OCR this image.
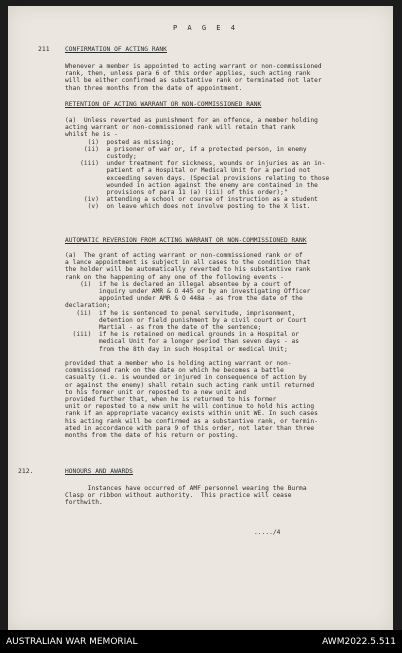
P A G E 4
211 CONFIRMATION OF ACTING RANK
Whenever a member is appointed to acting warrant or non-commissioned
rank, then, unless para 6 of this order applies, such acting rank
will be either confirmed as substantive rank or terminated not later
than three months from the date of appointment.
RETENTION OF ACTING WARRANT OR NON-COMMISSIONED RANK
(a)  Unless reverted as punishment for an offence, a member holding
acting warrant or non-commissioned rank will retain that rank
whilst he is -
(i)  posted as missing;
(ii)  a prisoner of war or, if a protected person, in enemy
custody;
(iii)  under treatment for sickness, wounds or injuries as an in-
patient of a Hospital or Medical Unit for a period not
exceeding seven days. (Special provisions relating to those
wounded in action against the enemy are contained in the
provisions of para 11 (a) (iii) of this order);"
(iv)  attending a school or course of instruction as a student
(v)  on leave which does not involve posting to the X list.
AUTOMATIC REVERSION FROM ACTING WARRANT OR NON-COMMISSIONED RANK
(a)  The grant of acting warrant or non-commissioned rank or of
a lance appointment is subject in all cases to the condition that
the holder will be automatically reverted to his substantive rank
rank on the happening of any one of the following events -
(i)  if he is declared an illegal absentee by a court of
inquiry under AMR & O 445 or by an investigating Officer
appointed under AMR & O 448a - as from the date of the
declaration;
(ii)  if he is sentenced to penal servitude, imprisonment,
detention or field punishment by a civil court or Court
Martial - as from the date of the sentence;
(iii)  if he is retained on medical grounds in a Hospital or
medical Unit for a longer period than seven days - as
from the 8th day in such Hospital or medical Unit;

provided that a member who is holding acting warrant or non-
commissioned rank on the date on which he becomes a battle
casualty (i.e. is wounded or injured in consequence of action by
or against the enemy) shall retain such acting rank until returned
to his former unit or reposted to a new unit and
provided further that, when he is returned to his former
unit or reposted to a new unit he will continue to hold his acting
rank if an appropriate vacancy exists within unit WE. In such cases
his acting rank will be confirmed as a substantive rank, or termin-
ated in accordance with para 9 of this order, not later than three
months from the date of his return or posting.
212.	HONOURS AND AWARDS
Instances have occurred of AMF personnel wearing the Burma
Clasp or ribbon without authority.  This practice will cease
forthwith.
...../4
AUSTRALIAN WAR MEMORIAL	AWM2022.5.511
